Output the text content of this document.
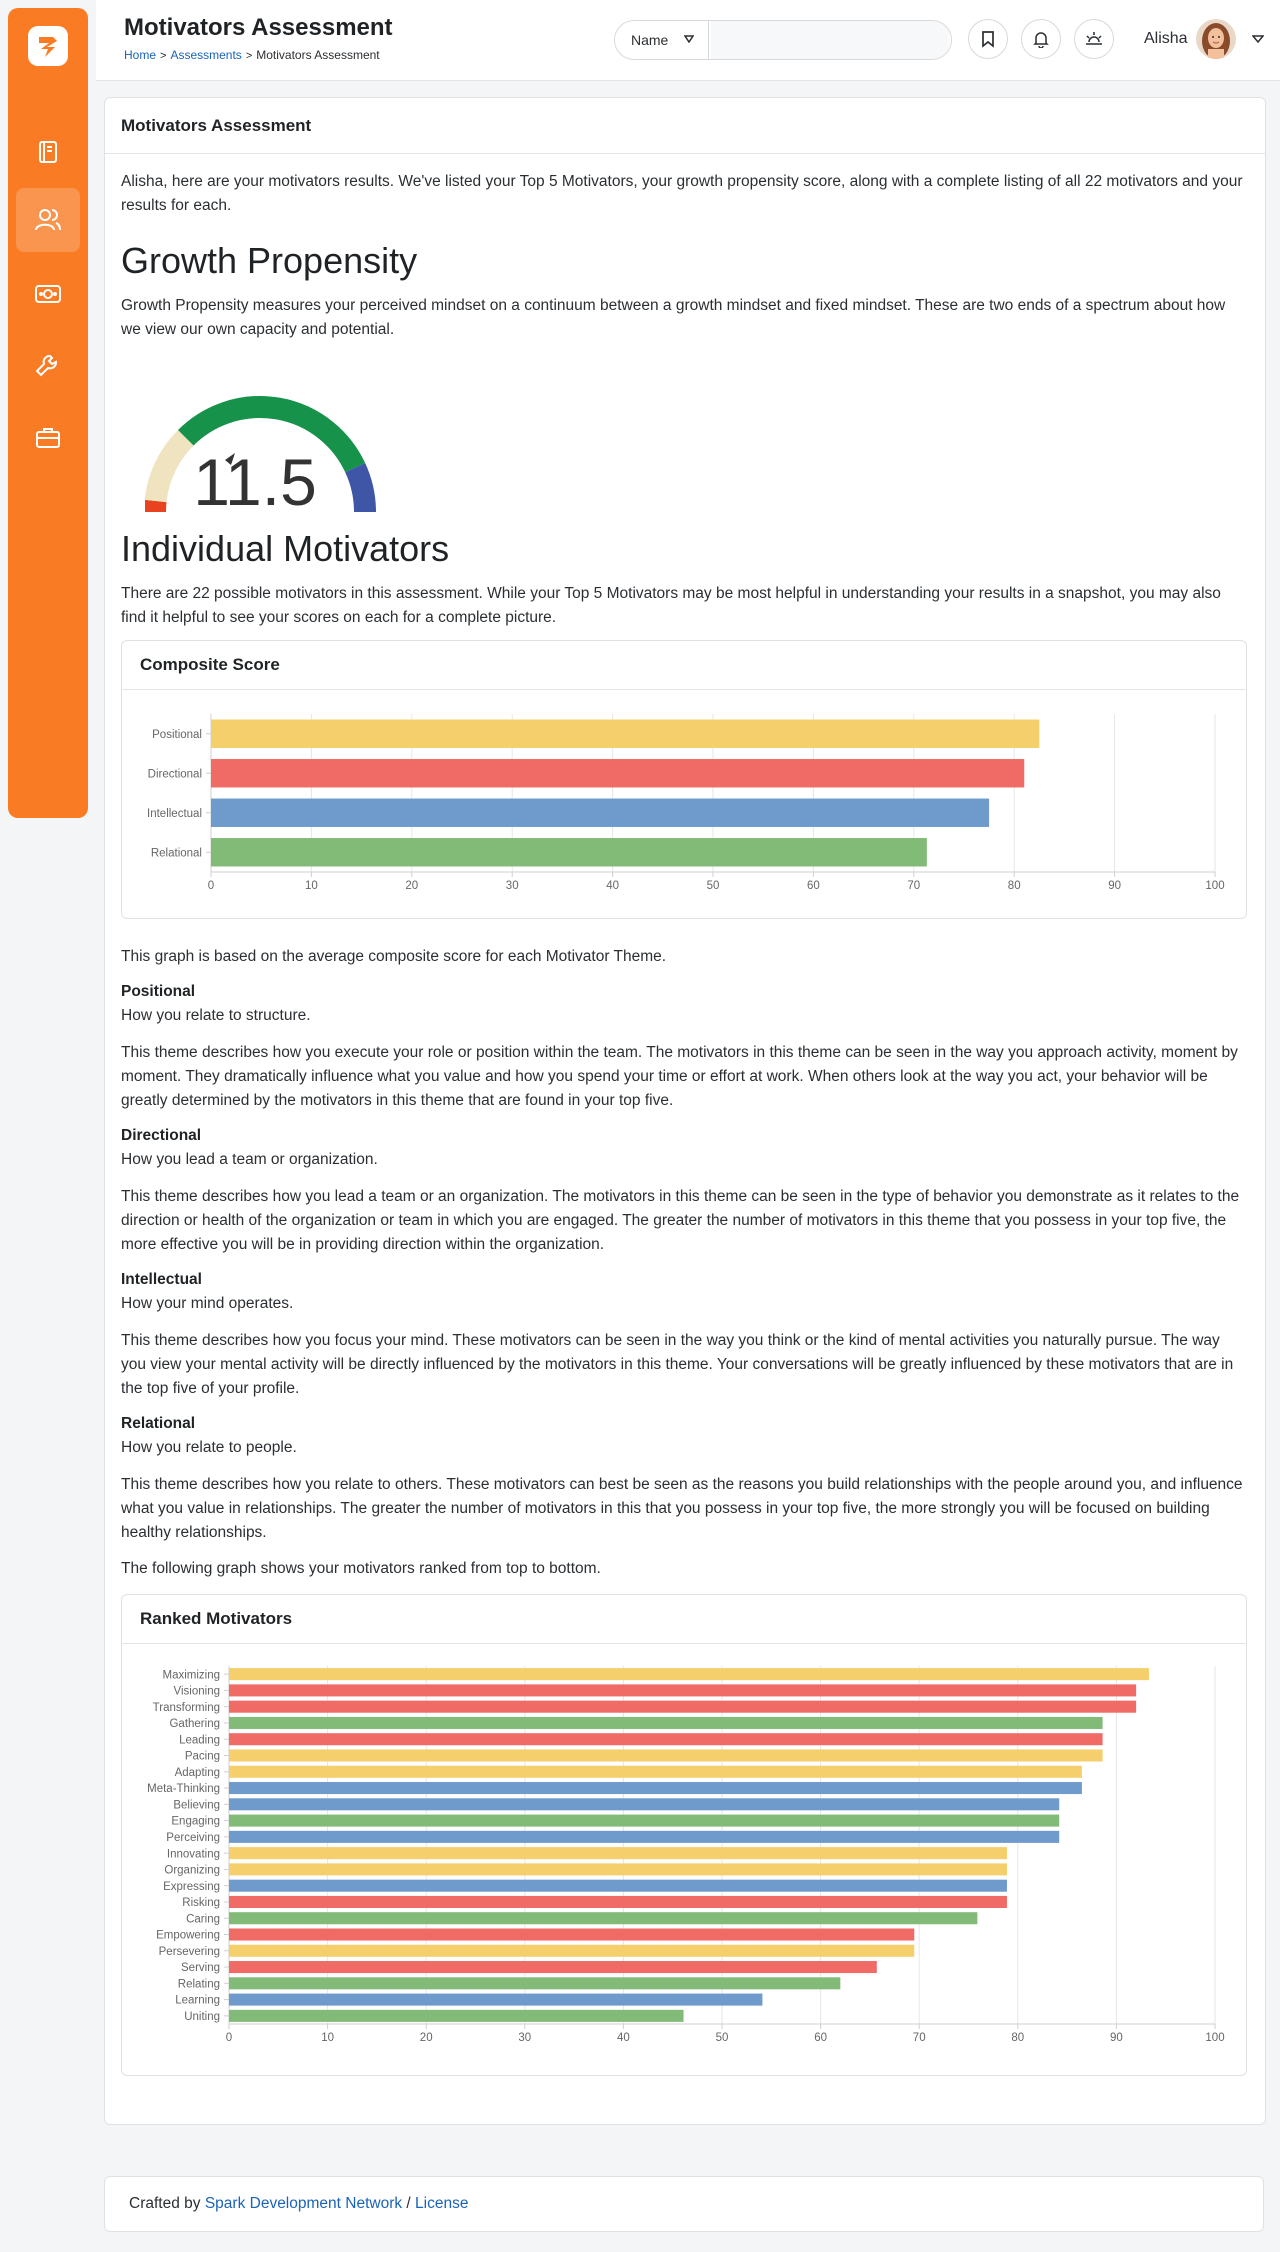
Motivators Assessment
Home > Assessments > Motivators Assessment
Name	Alisha
Motivators Assessment

Alisha, here are your motivators results. We've listed your Top 5 Motivators, your growth propensity score, along with a complete listing of all 22 motivators and your results for each.

Growth Propensity

Growth Propensity measures your perceived mindset on a continuum between a growth mindset and fixed mindset. These are two ends of a spectrum about how we view our own capacity and potential.

11.5
Individual Motivators

There are 22 possible motivators in this assessment. While your Top 5 Motivators may be most helpful in understanding your results in a snapshot, you may also find it helpful to see your scores on each for a complete picture.

Composite Score
0	10	20	30	40	50	60	70	80	90	100
Positional
Directional
Intellectual
Relational

This graph is based on the average composite score for each Motivator Theme.

Positional

How you relate to structure.

This theme describes how you execute your role or position within the team. The motivators in this theme can be seen in the way you approach activity, moment by moment. They dramatically influence what you value and how you spend your time or effort at work. When others look at the way you act, your behavior will be greatly determined by the motivators in this theme that are found in your top five.

Directional

How you lead a team or organization.

This theme describes how you lead a team or an organization. The motivators in this theme can be seen in the type of behavior you demonstrate as it relates to the direction or health of the organization or team in which you are engaged. The greater the number of motivators in this theme that you possess in your top five, the more effective you will be in providing direction within the organization.

Intellectual

How your mind operates.

This theme describes how you focus your mind. These motivators can be seen in the way you think or the kind of mental activities you naturally pursue. The way you view your mental activity will be directly influenced by the motivators in this theme. Your conversations will be greatly influenced by these motivators that are in the top five of your profile.

Relational

How you relate to people.

This theme describes how you relate to others. These motivators can best be seen as the reasons you build relationships with the people around you, and influence what you value in relationships. The greater the number of motivators in this that you possess in your top five, the more strongly you will be focused on building healthy relationships.

The following graph shows your motivators ranked from top to bottom.

Ranked Motivators
0	10	20	30	40	50	60	70	80	90	100
Maximizing
Visioning
Transforming
Gathering
Leading
Pacing
Adapting
Meta-Thinking
Believing
Engaging
Perceiving
Innovating
Organizing
Expressing
Risking
Caring
Empowering
Persevering
Serving
Relating
Learning
Uniting
Crafted by
Spark Development Network
/
License
